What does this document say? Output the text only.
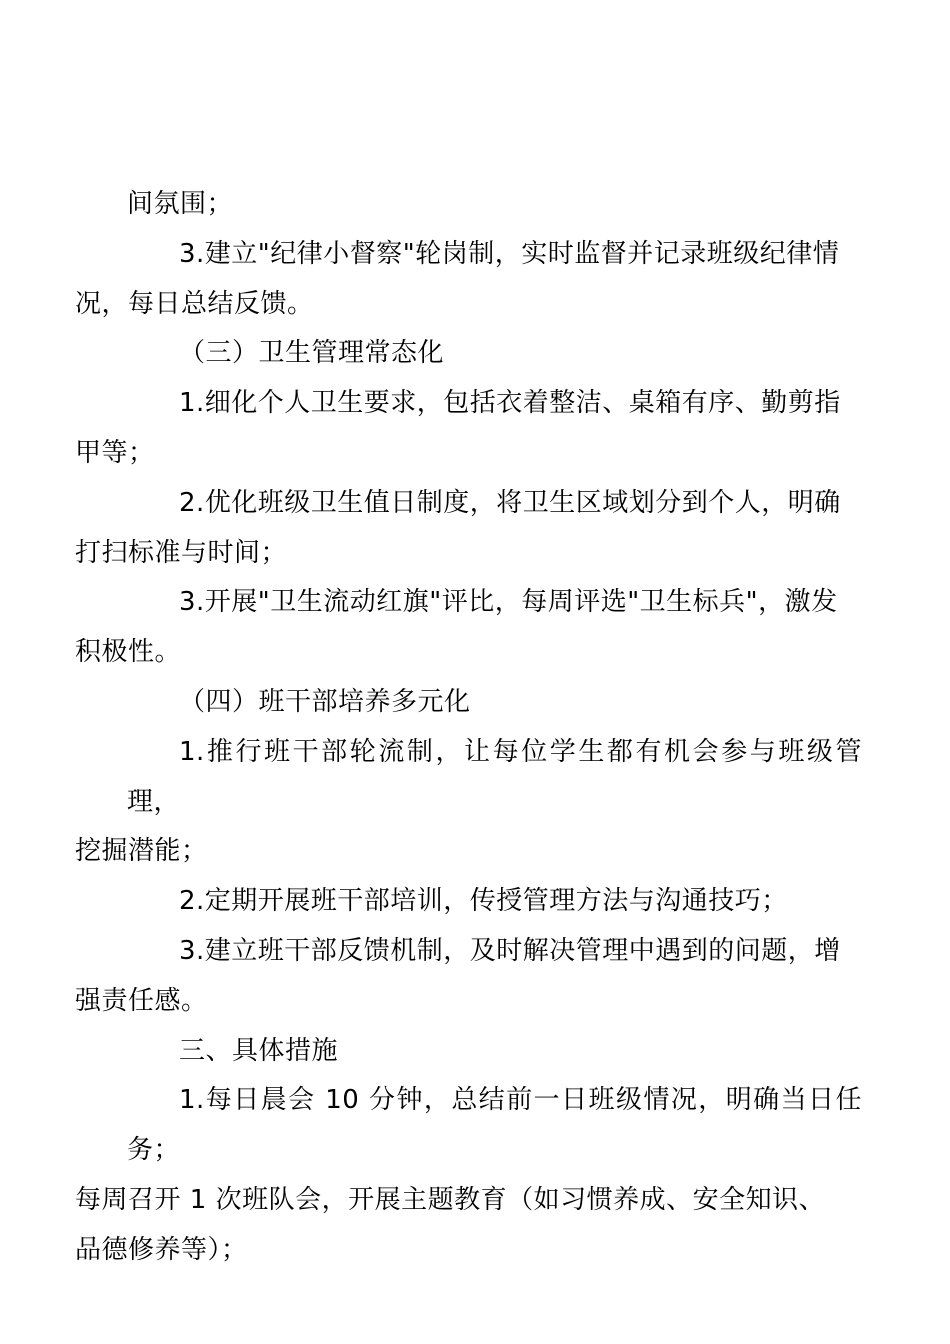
间氛围；

3.建立"纪律小督察"轮岗制，实时监督并记录班级纪律情
况，每日总结反馈。

（三）卫生管理常态化

1.细化个人卫生要求，包括衣着整洁、桌箱有序、勤剪指
甲等；

2.优化班级卫生值日制度，将卫生区域划分到个人，明确
打扫标准与时间；

3.开展"卫生流动红旗"评比，每周评选"卫生标兵"，激发
积极性。

（四）班干部培养多元化

1.推行班干部轮流制，让每位学生都有机会参与班级管理，
挖掘潜能；

2.定期开展班干部培训，传授管理方法与沟通技巧；

3.建立班干部反馈机制，及时解决管理中遇到的问题，增
强责任感。

三、具体措施

1.每日晨会 10 分钟，总结前一日班级情况，明确当日任务；
每周召开 1 次班队会，开展主题教育（如习惯养成、安全知识、
品德修养等）；
